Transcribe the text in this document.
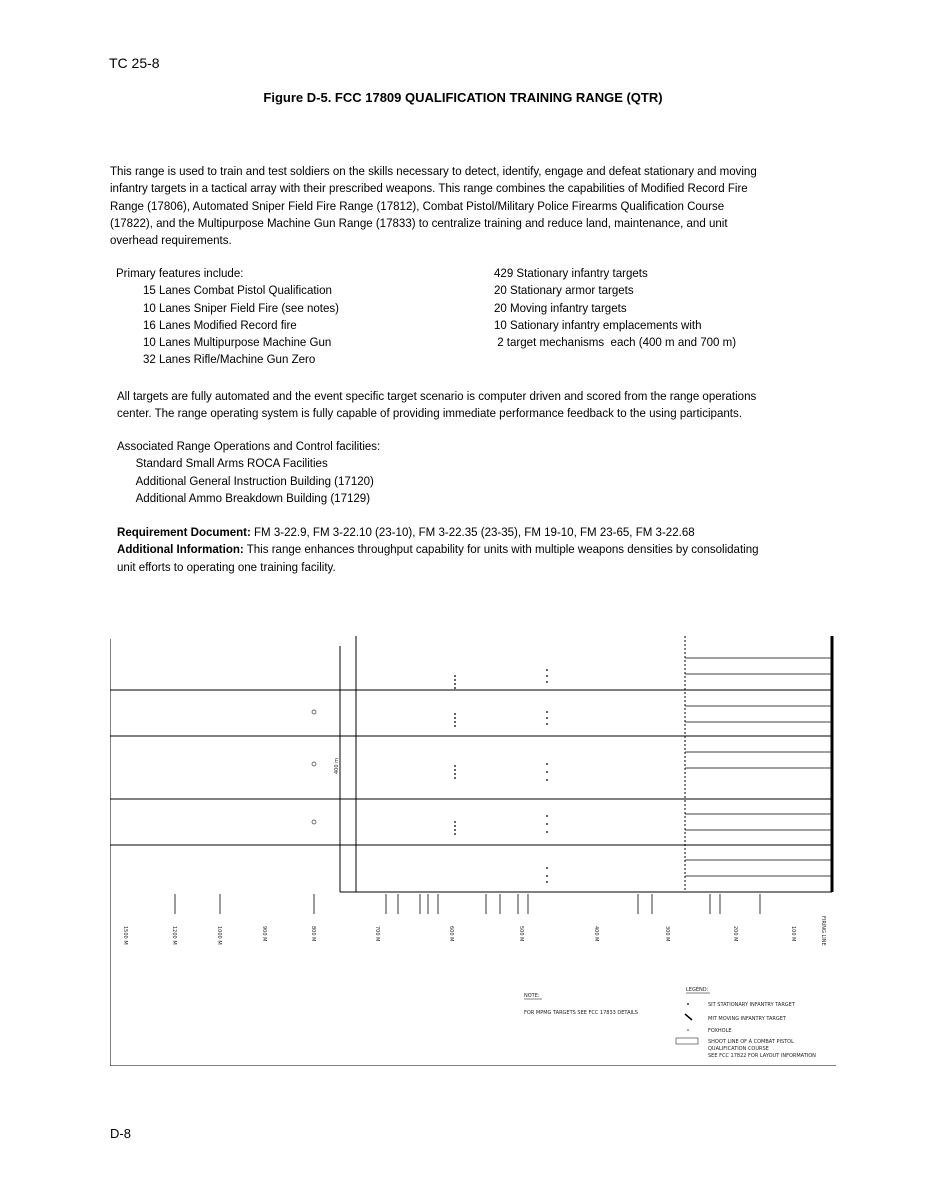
TC 25-8
Figure D-5. FCC 17809 QUALIFICATION TRAINING RANGE (QTR)
This range is used to train and test soldiers on the skills necessary to detect, identify, engage and defeat stationary and moving
infantry targets in a tactical array with their prescribed weapons. This range combines the capabilities of Modified Record Fire
Range (17806), Automated Sniper Field Fire Range (17812), Combat Pistol/Military Police Firearms Qualification Course
(17822), and the Multipurpose Machine Gun Range (17833) to centralize training and reduce land, maintenance, and unit
overhead requirements.
Primary features include:
15 Lanes Combat Pistol Qualification
10 Lanes Sniper Field Fire (see notes)
16 Lanes Modified Record fire
10 Lanes Multipurpose Machine Gun
32 Lanes Rifle/Machine Gun Zero
429 Stationary infantry targets
20 Stationary armor targets
20 Moving infantry targets
10 Sationary infantry emplacements with
2 target mechanisms  each (400 m and 700 m)
All targets are fully automated and the event specific target scenario is computer driven and scored from the range operations
center. The range operating system is fully capable of providing immediate performance feedback to the using participants.
Associated Range Operations and Control facilities:
Standard Small Arms ROCA Facilities
Additional General Instruction Building (17120)
Additional Ammo Breakdown Building (17129)
Requirement Document: FM 3-22.9, FM 3-22.10 (23-10), FM 3-22.35 (23-35), FM 19-10, FM 23-65, FM 3-22.68
Additional Information: This range enhances throughput capability for units with multiple weapons densities by consolidating
unit efforts to operating one training facility.
400 m
1500 M	1200 M	1000 M	900 M	800 M	700 M	600 M	500 M	400 M	300 M	200 M	100 M	FIRING LINE
NOTE:
FOR MPMG TARGETS SEE FCC 17833 DETAILS
LEGEND:
SIT STATIONARY INFANTRY TARGET
MIT MOVING INFANTRY TARGET
FOXHOLE
SHOOT LINE OF A COMBAT PISTOL
QUALIFICATION COURSE
SEE FCC 17822 FOR LAYOUT INFORMATION
D-8
